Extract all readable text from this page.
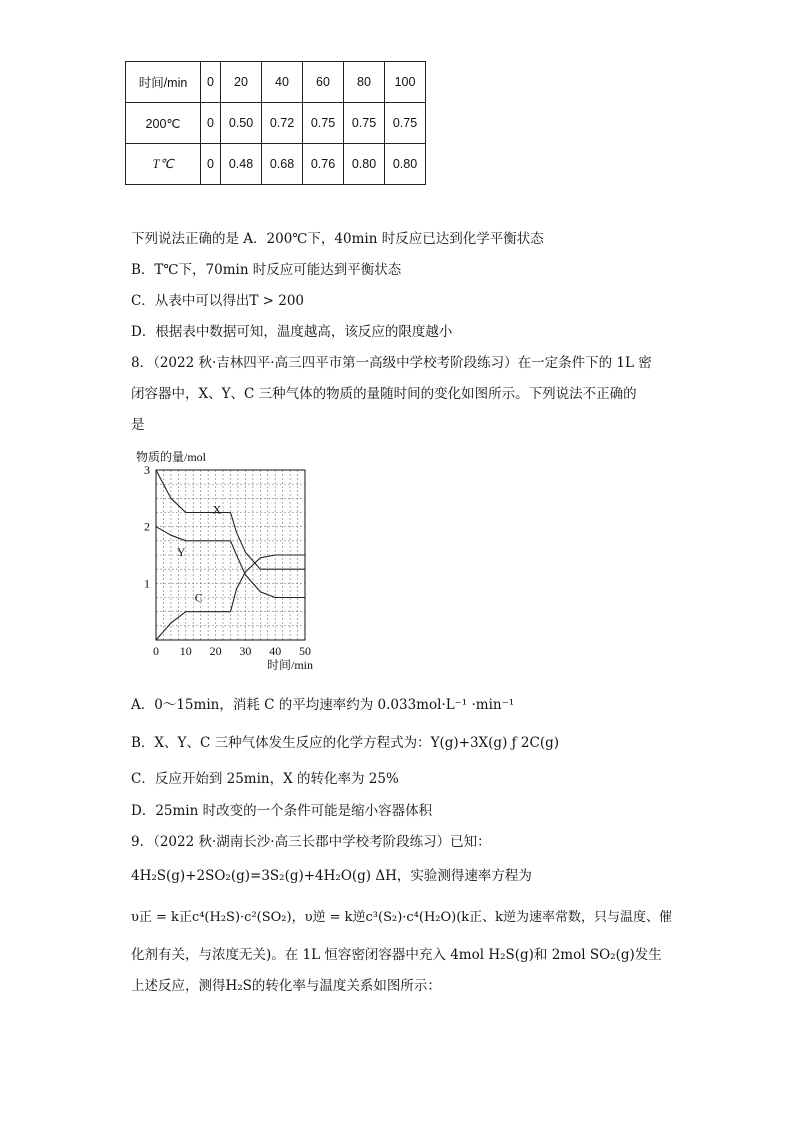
时间/min	0	20	40	60	80	100
200℃	0	0.50	0.72	0.75	0.75	0.75
T℃	0	0.48	0.68	0.76	0.80	0.80
下列说法正确的是 A．200℃下，40min 时反应已达到化学平衡状态
B．T℃下，70min 时反应可能达到平衡状态
C．从表中可以得出T > 200
D．根据表中数据可知，温度越高，该反应的限度越小
8．（2022 秋·吉林四平·高三四平市第一高级中学校考阶段练习）在一定条件下的 1L 密
闭容器中，X、Y、C 三种气体的物质的量随时间的变化如图所示。下列说法不正确的
是
X
Y
C
0 10 20 30 40 50
1
2
3
物质的量/mol
时间/min
A．0～15min，消耗 C 的平均速率约为 0.033mol·L⁻¹ ·min⁻¹
B．X、Y、C 三种气体发生反应的化学方程式为：Y(g)+3X(g) ƒ 2C(g)
C．反应开始到 25min，X 的转化率为 25%
D．25min 时改变的一个条件可能是缩小容器体积
9．（2022 秋·湖南长沙·高三长郡中学校考阶段练习）已知：
4H₂S(g)+2SO₂(g)=3S₂(g)+4H₂O(g) ΔH，实验测得速率方程为
υ正 = k正c⁴(H₂S)·c²(SO₂)，υ逆 = k逆c³(S₂)·c⁴(H₂O)(k正、k逆为速率常数，只与温度、催
化剂有关，与浓度无关)。在 1L 恒容密闭容器中充入 4mol H₂S(g)和 2mol SO₂(g)发生
上述反应，测得H₂S的转化率与温度关系如图所示：
